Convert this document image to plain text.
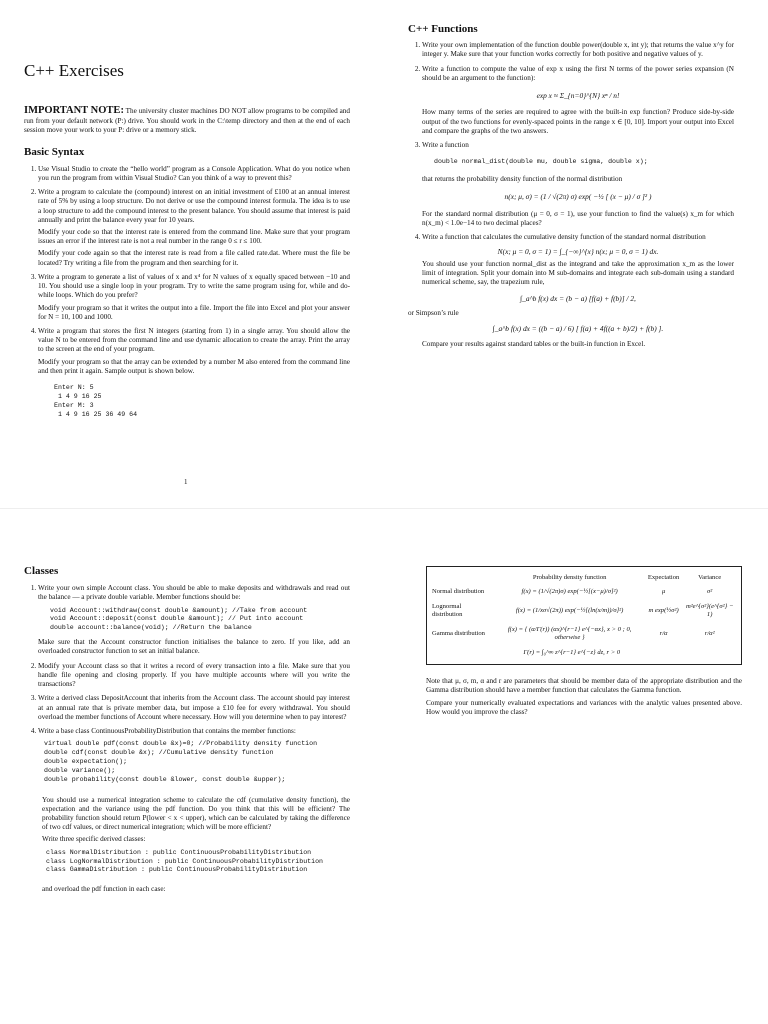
C++ Exercises

IMPORTANT NOTE: The university cluster machines DO NOT allow programs to be compiled and run from your default network (P:) drive. You should work in the C:\temp directory and then at the end of each session move your work to your P: drive or a memory stick.

Basic Syntax

1. Use Visual Studio to create the “hello world” program as a Console Application. What do you notice when you run the program from within Visual Studio? Can you think of a way to prevent this?

2. Write a program to calculate the (compound) interest on an initial investment of £100 at an annual interest rate of 5% by using a loop structure. Do not derive or use the compound interest formula. The idea is to use a loop structure to add the compound interest to the present balance. You should assume that interest is paid annually and print the balance every year for 10 years.

Modify your code so that the interest rate is entered from the command line. Make sure that your program issues an error if the interest rate is not a real number in the range 0 ≤ r ≤ 100.

Modify your code again so that the interest rate is read from a file called rate.dat. Where must the file be located? Try writing a file from the program and then searching for it.

3. Write a program to generate a list of values of x and x⁴ for N values of x equally spaced between −10 and 10. You should use a single loop in your program. Try to write the same program using for, while and do-while loops. Which do you prefer?

Modify your program so that it writes the output into a file. Import the file into Excel and plot your answer for N = 10, 100 and 1000.

4. Write a program that stores the first N integers (starting from 1) in a single array. You should allow the value N to be entered from the command line and use dynamic allocation to create the array. Print the array to the screen at the end of your program.

Modify your program so that the array can be extended by a number M also entered from the command line and then print it again. Sample output is shown below.

Enter N: 5
1 4 9 16 25
Enter M: 3
1 4 9 16 25 36 49 64
1
C++ Functions

1. Write your own implementation of the function double power(double x, int y); that returns the value x^y for integer y. Make sure that your function works correctly for both positive and negative values of y.

2. Write a function to compute the value of exp x using the first N terms of the power series expansion (N should be an argument to the function):

exp x ≈ Σ_{n=0}^{N} xⁿ / n!

How many terms of the series are required to agree with the built-in exp function? Produce side-by-side output of the two functions for evenly-spaced points in the range x ∈ [0, 10]. Import your output into Excel and compare the graphs of the two answers.

3. Write a function

double normal_dist(double mu, double sigma, double x);

that returns the probability density function of the normal distribution

n(x; μ, σ) = (1 / √(2π) σ) exp( −½ [ (x − μ) / σ ]² )

For the standard normal distribution (μ = 0, σ = 1), use your function to find the value(s) x_m for which n(x_m) < 1.0e−14 to two decimal places?

4. Write a function that calculates the cumulative density function of the standard normal distribution

N(x; μ = 0, σ = 1) = ∫_{−∞}^{x} n(x; μ = 0, σ = 1) dx.

You should use your function normal_dist as the integrand and take the approximation x_m as the lower limit of integration. Split your domain into M sub-domains and integrate each sub-domain using a standard numerical scheme, say, the trapezium rule,

∫_a^b f(x) dx = (b − a) [f(a) + f(b)] / 2,

or Simpson’s rule

∫_a^b f(x) dx = ((b − a) / 6) [ f(a) + 4f((a + b)/2) + f(b) ].

Compare your results against standard tables or the built-in function in Excel.

Classes

1. Write your own simple Account class. You should be able to make deposits and withdrawals and read out the balance — a private double variable. Member functions should be:

void Account::withdraw(const double &amount); //Take from account
void Account::deposit(const double &amount); // Put into account
double account::balance(void); //Return the balance

Make sure that the Account constructor function initialises the balance to zero. If you like, add an overloaded constructor function to set an initial balance.

2. Modify your Account class so that it writes a record of every transaction into a file. Make sure that you handle file opening and closing properly. If you have multiple accounts where will you write the transactions?

3. Write a derived class DepositAccount that inherits from the Account class. The account should pay interest at an annual rate that is private member data, but impose a £10 fee for every withdrawal. You should overload the member functions of Account where necessary. How will you determine when to pay interest?

4. Write a base class ContinuousProbabilityDistribution that contains the member functions:

virtual double pdf(const double &x)=0; //Probability density function
double cdf(const double &x); //Cumulative density function
double expectation();
double variance();
double probability(const double &lower, const double &upper);

You should use a numerical integration scheme to calculate the cdf (cumulative density function), the expectation and the variance using the pdf function. Do you think that this will be efficient? The probability function should return P(lower < x < upper), which can be calculated by taking the difference of two cdf values, or direct numerical integration; which will be more efficient?

Write three specific derived classes:

class NormalDistribution : public ContinuousProbabilityDistribution
class LogNormalDistribution : public ContinuousProbabilityDistribution
class GammaDistribution : public ContinuousProbabilityDistribution

and overload the pdf function in each case:

	Probability density function	Expectation	Variance
Normal distribution	f(x) = (1/√(2π)σ) exp(−½[(x−μ)/σ]²)	μ	σ²
Lognormal distribution	f(x) = (1/xσ√(2π)) exp(−½[(ln(x/m))/σ]²)	m exp(½σ²)	m²e^{σ²}(e^{σ²} − 1)
Gamma distribution	f(x) = { (α/Γ(r)) (αx)^{r−1} e^{−αx}, x > 0 ; 0, otherwise }	r/α	r/α²
	Γ(r) = ∫₀^∞ z^{r−1} e^{−z} dz, r > 0		

Note that μ, σ, m, α and r are parameters that should be member data of the appropriate distribution and the Gamma distribution should have a member function that calculates the Gamma function.

Compare your numerically evaluated expectations and variances with the analytic values presented above. How would you improve the class?
